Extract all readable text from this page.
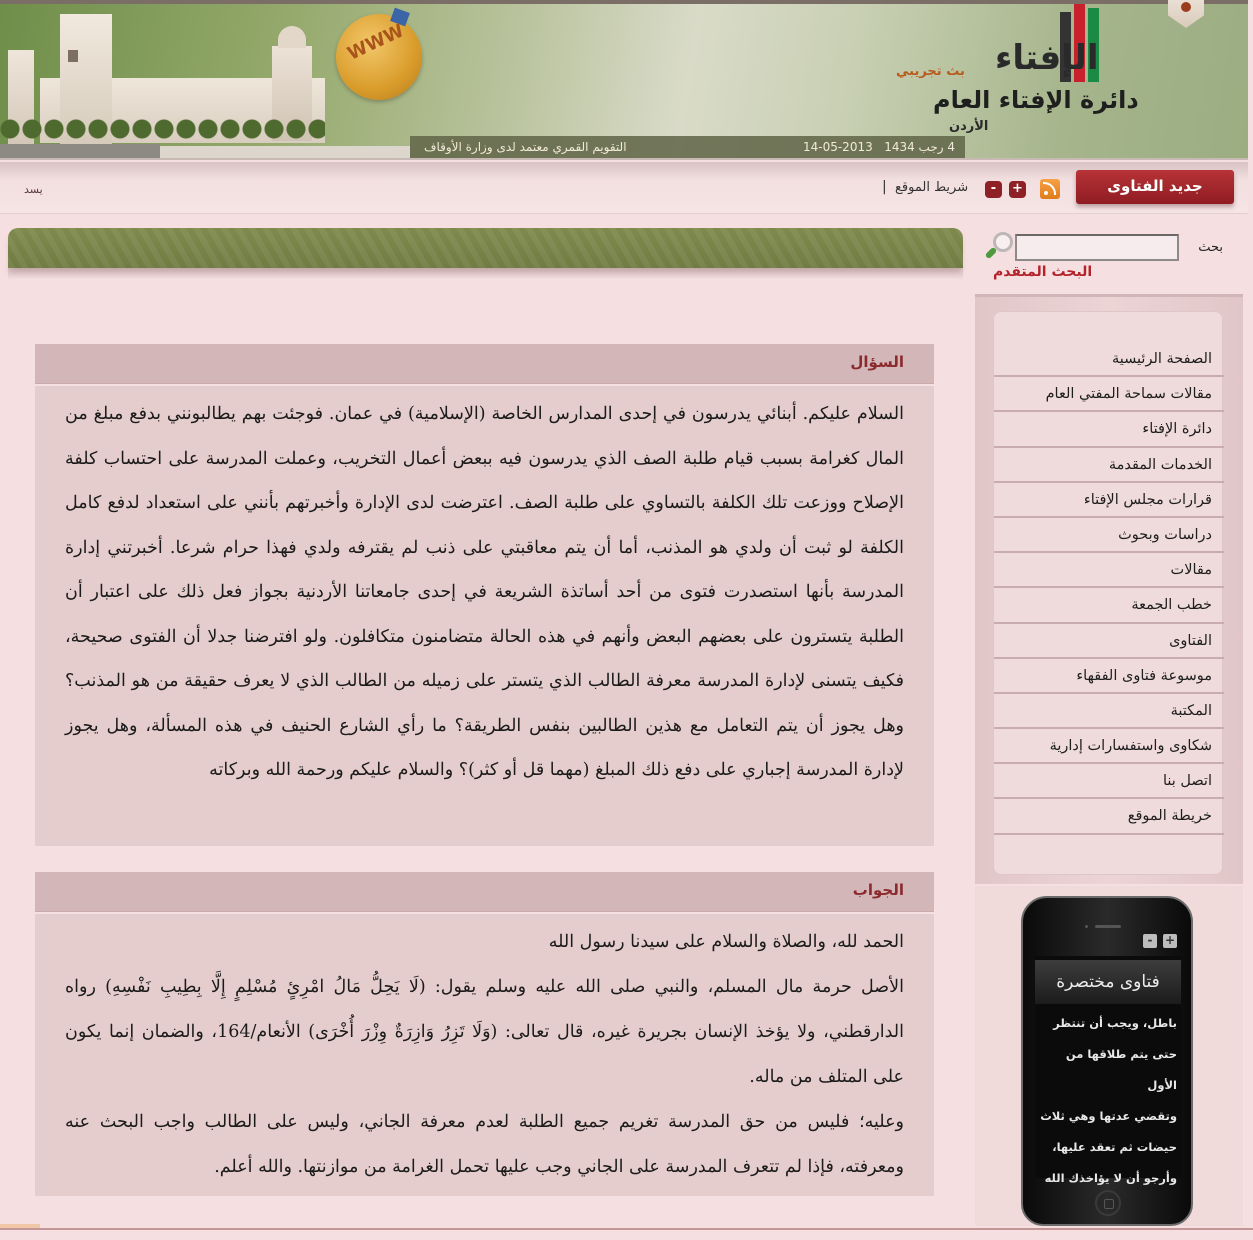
WWW	الإفتاء
بث تجريبي
دائرة الإفتاء العام
الأردن
14-05-2013 4 رجب 1434
التقويم القمري معتمد لدى وزارة الأوقاف
جديد الفتاوى
+
-
شريط الموقع
|
يسد
السؤال

السلام عليكم. أبنائي يدرسون في إحدى المدارس الخاصة (الإسلامية) في عمان. فوجئت بهم يطالبونني بدفع مبلغ من المال كغرامة بسبب قيام طلبة الصف الذي يدرسون فيه ببعض أعمال التخريب، وعملت المدرسة على احتساب كلفة الإصلاح ووزعت تلك الكلفة بالتساوي على طلبة الصف. اعترضت لدى الإدارة وأخبرتهم بأنني على استعداد لدفع كامل الكلفة لو ثبت أن ولدي هو المذنب، أما أن يتم معاقبتي على ذنب لم يقترفه ولدي فهذا حرام شرعا. أخبرتني إدارة المدرسة بأنها استصدرت فتوى من أحد أساتذة الشريعة في إحدى جامعاتنا الأردنية بجواز فعل ذلك على اعتبار أن الطلبة يتسترون على بعضهم البعض وأنهم في هذه الحالة متضامنون متكافلون. ولو افترضنا جدلا أن الفتوى صحيحة، فكيف يتسنى لإدارة المدرسة معرفة الطالب الذي يتستر على زميله من الطالب الذي لا يعرف حقيقة من هو المذنب؟ وهل يجوز أن يتم التعامل مع هذين الطالبين بنفس الطريقة؟ ما رأي الشارع الحنيف في هذه المسألة، وهل يجوز لإدارة المدرسة إجباري على دفع ذلك المبلغ (مهما قل أو كثر)؟ والسلام عليكم ورحمة الله وبركاته

الجواب

الحمد لله، والصلاة والسلام على سيدنا رسول الله

الأصل حرمة مال المسلم، والنبي صلى الله عليه وسلم يقول: (لَا يَحِلُّ مَالُ امْرِئٍ مُسْلِمٍ إِلَّا بِطِيبِ نَفْسِهِ) رواه الدارقطني، ولا يؤخذ الإنسان بجريرة غيره، قال تعالى: (وَلَا تَزِرُ وَازِرَةٌ وِزْرَ أُخْرَى) الأنعام/164، والضمان إنما يكون على المتلف من ماله.

وعليه؛ فليس من حق المدرسة تغريم جميع الطلبة لعدم معرفة الجاني، وليس على الطالب واجب البحث عنه ومعرفته، فإذا لم تتعرف المدرسة على الجاني وجب عليها تحمل الغرامة من موازنتها. والله أعلم.

بحث
البحث المتقدم
الصفحة الرئيسية
مقالات سماحة المفتي العام
دائرة الإفتاء
الخدمات المقدمة
قرارات مجلس الإفتاء
دراسات وبحوث
مقالات
خطب الجمعة
الفتاوى
موسوعة فتاوى الفقهاء
المكتبة
شكاوى واستفسارات إدارية
اتصل بنا
خريطة الموقع
+
-
فتاوى مختصرة
باطل، ويجب أن تنتظر
حتى يتم طلاقها من الأول
وتقضي عدتها وهي ثلاث
حيضات ثم تعقد عليها،
وأرجو أن لا يؤاخذك الله
